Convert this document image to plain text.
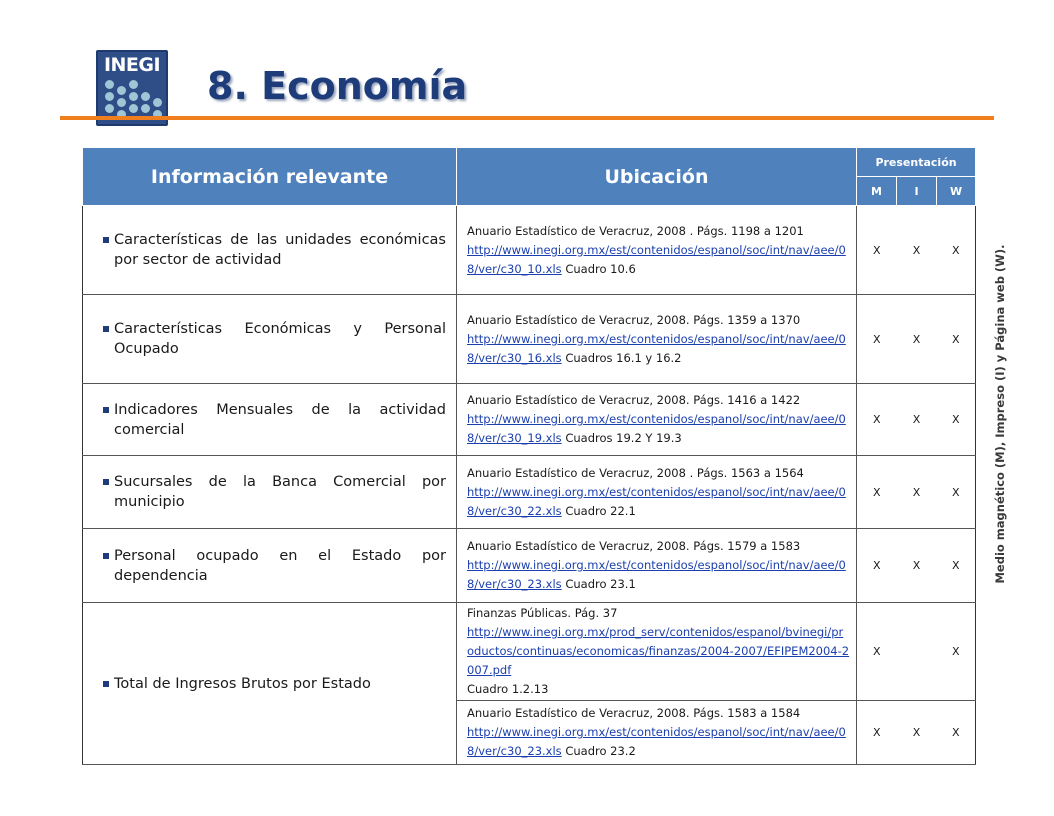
INEGI 8. Economía
Información relevante	Ubicación	Presentación		
		M	I	W

Características de las unidades económicas por sector de actividad	Anuario Estadístico de Veracruz, 2008 . Págs. 1198 a 1201
http://www.inegi.org.mx/est/contenidos/espanol/soc/int/nav/aee/08/ver/c30_10.xls Cuadro 10.6	X	X	X

Características Económicas y Personal Ocupado	Anuario Estadístico de Veracruz, 2008. Págs. 1359 a 1370
http://www.inegi.org.mx/est/contenidos/espanol/soc/int/nav/aee/08/ver/c30_16.xls Cuadros 16.1 y 16.2	X	X	X

Indicadores Mensuales de la actividad comercial	Anuario Estadístico de Veracruz, 2008. Págs. 1416 a 1422
http://www.inegi.org.mx/est/contenidos/espanol/soc/int/nav/aee/08/ver/c30_19.xls Cuadros 19.2 Y 19.3	X	X	X

Sucursales de la Banca Comercial por municipio	Anuario Estadístico de Veracruz, 2008 . Págs. 1563 a 1564
http://www.inegi.org.mx/est/contenidos/espanol/soc/int/nav/aee/08/ver/c30_22.xls Cuadro 22.1	X	X	X

Personal ocupado en el Estado por dependencia	Anuario Estadístico de Veracruz, 2008. Págs. 1579 a 1583
http://www.inegi.org.mx/est/contenidos/espanol/soc/int/nav/aee/08/ver/c30_23.xls Cuadro 23.1	X	X	X

Total de Ingresos Brutos por Estado	Finanzas Públicas. Pág. 37
http://www.inegi.org.mx/prod_serv/contenidos/espanol/bvinegi/productos/continuas/economicas/finanzas/2004-2007/EFIPEM2004-2007.pdf
Cuadro 1.2.13	X		X
	Anuario Estadístico de Veracruz, 2008. Págs. 1583 a 1584
http://www.inegi.org.mx/est/contenidos/espanol/soc/int/nav/aee/08/ver/c30_23.xls Cuadro 23.2	X	X	X
Medio magnético (M), Impreso (I) y Página web (W).
